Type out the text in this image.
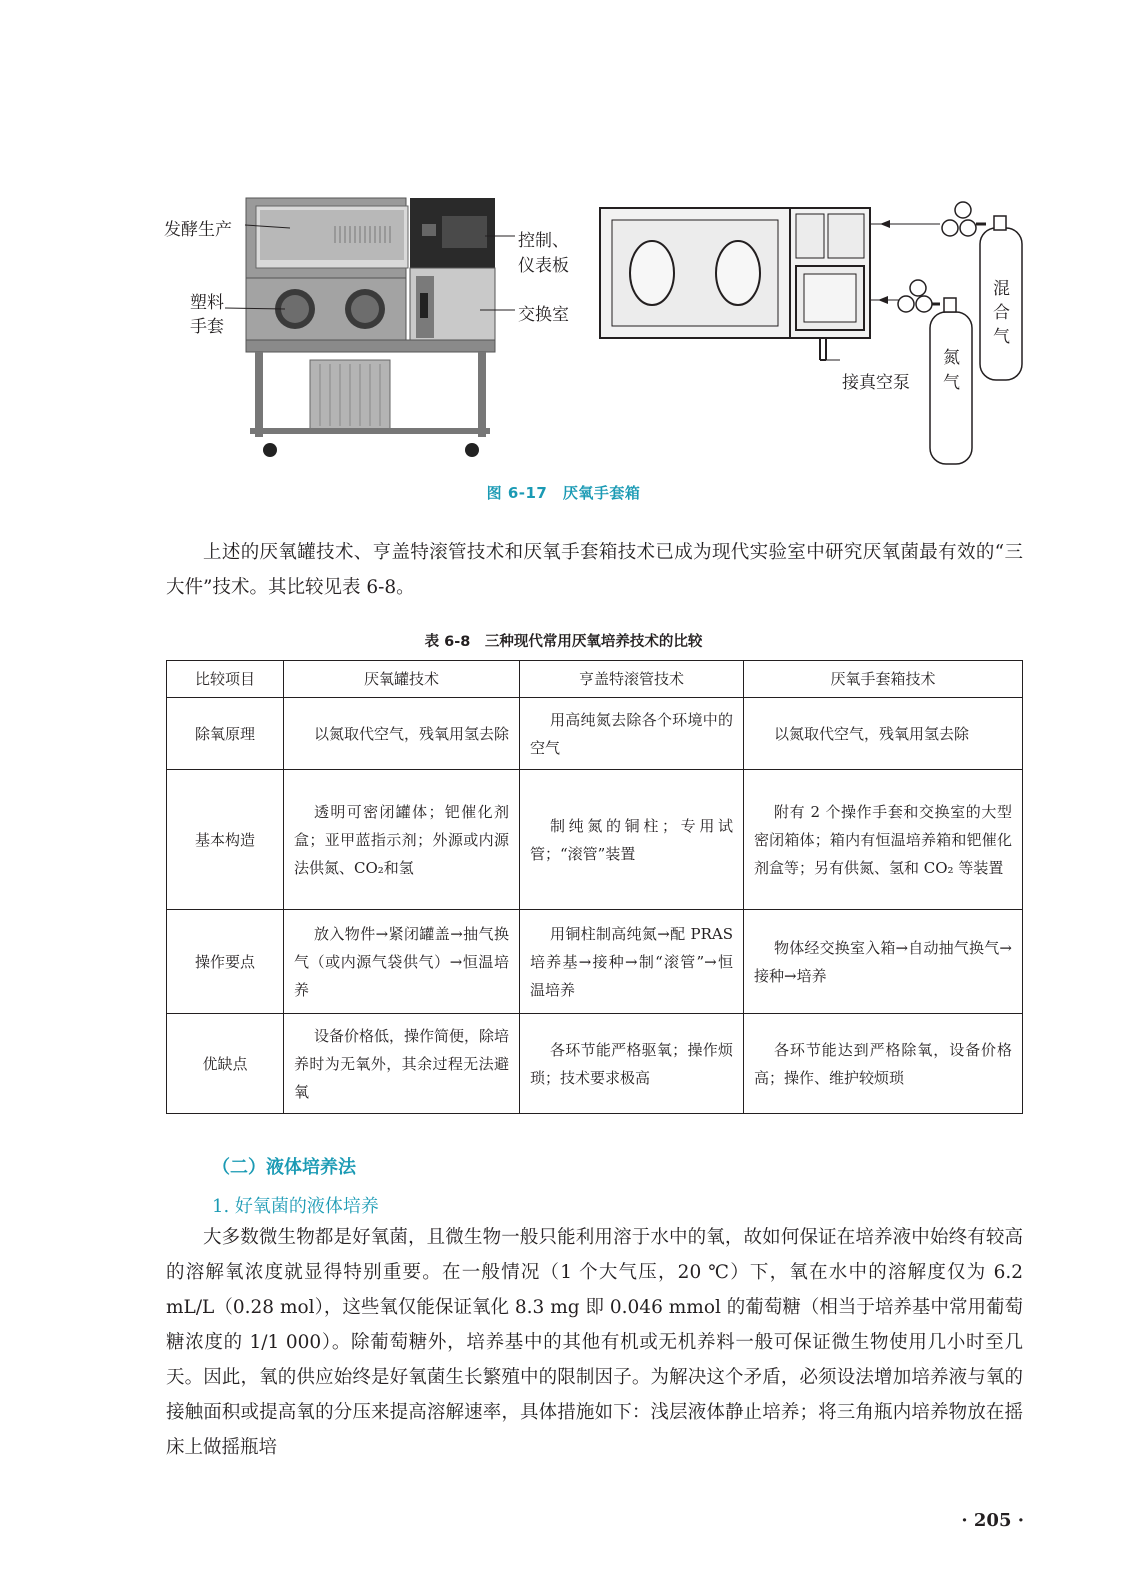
发酵生产
塑料
手套
控制、
仪表板
交换室
接真空泵
氮
气
混
合
气
图 6-17　厌氧手套箱

上述的厌氧罐技术、亨盖特滚管技术和厌氧手套箱技术已成为现代实验室中研究厌氧菌最有效的“三大件”技术。其比较见表 6-8。

表 6-8　三种现代常用厌氧培养技术的比较
比较项目	厌氧罐技术	亨盖特滚管技术	厌氧手套箱技术
除氧原理	以氮取代空气，残氧用氢去除	用高纯氮去除各个环境中的空气	以氮取代空气，残氧用氢去除

基本构造	透明可密闭罐体；钯催化剂盒；亚甲蓝指示剂；外源或内源法供氮、CO₂和氢	制纯氮的铜柱；专用试管；“滚管”装置	附有 2 个操作手套和交换室的大型密闭箱体；箱内有恒温培养箱和钯催化剂盒等；另有供氮、氢和 CO₂ 等装置

操作要点	放入物件→紧闭罐盖→抽气换气（或内源气袋供气）→恒温培养	用铜柱制高纯氮→配 PRAS 培养基→接种→制“滚管”→恒温培养	物体经交换室入箱→自动抽气换气→接种→培养

优缺点	设备价格低，操作简便，除培养时为无氧外，其余过程无法避氧	各环节能严格驱氧；操作烦琐；技术要求极高	各环节能达到严格除氧，设备价格高；操作、维护较烦琐
（二）液体培养法
1. 好氧菌的液体培养

大多数微生物都是好氧菌，且微生物一般只能利用溶于水中的氧，故如何保证在培养液中始终有较高的溶解氧浓度就显得特别重要。在一般情况（1 个大气压，20 ℃）下，氧在水中的溶解度仅为 6.2 mL/L（0.28 mol），这些氧仅能保证氧化 8.3 mg 即 0.046 mmol 的葡萄糖（相当于培养基中常用葡萄糖浓度的 1/1 000）。除葡萄糖外，培养基中的其他有机或无机养料一般可保证微生物使用几小时至几天。因此，氧的供应始终是好氧菌生长繁殖中的限制因子。为解决这个矛盾，必须设法增加培养液与氧的接触面积或提高氧的分压来提高溶解速率，具体措施如下：浅层液体静止培养；将三角瓶内培养物放在摇床上做摇瓶培

· 205 ·
